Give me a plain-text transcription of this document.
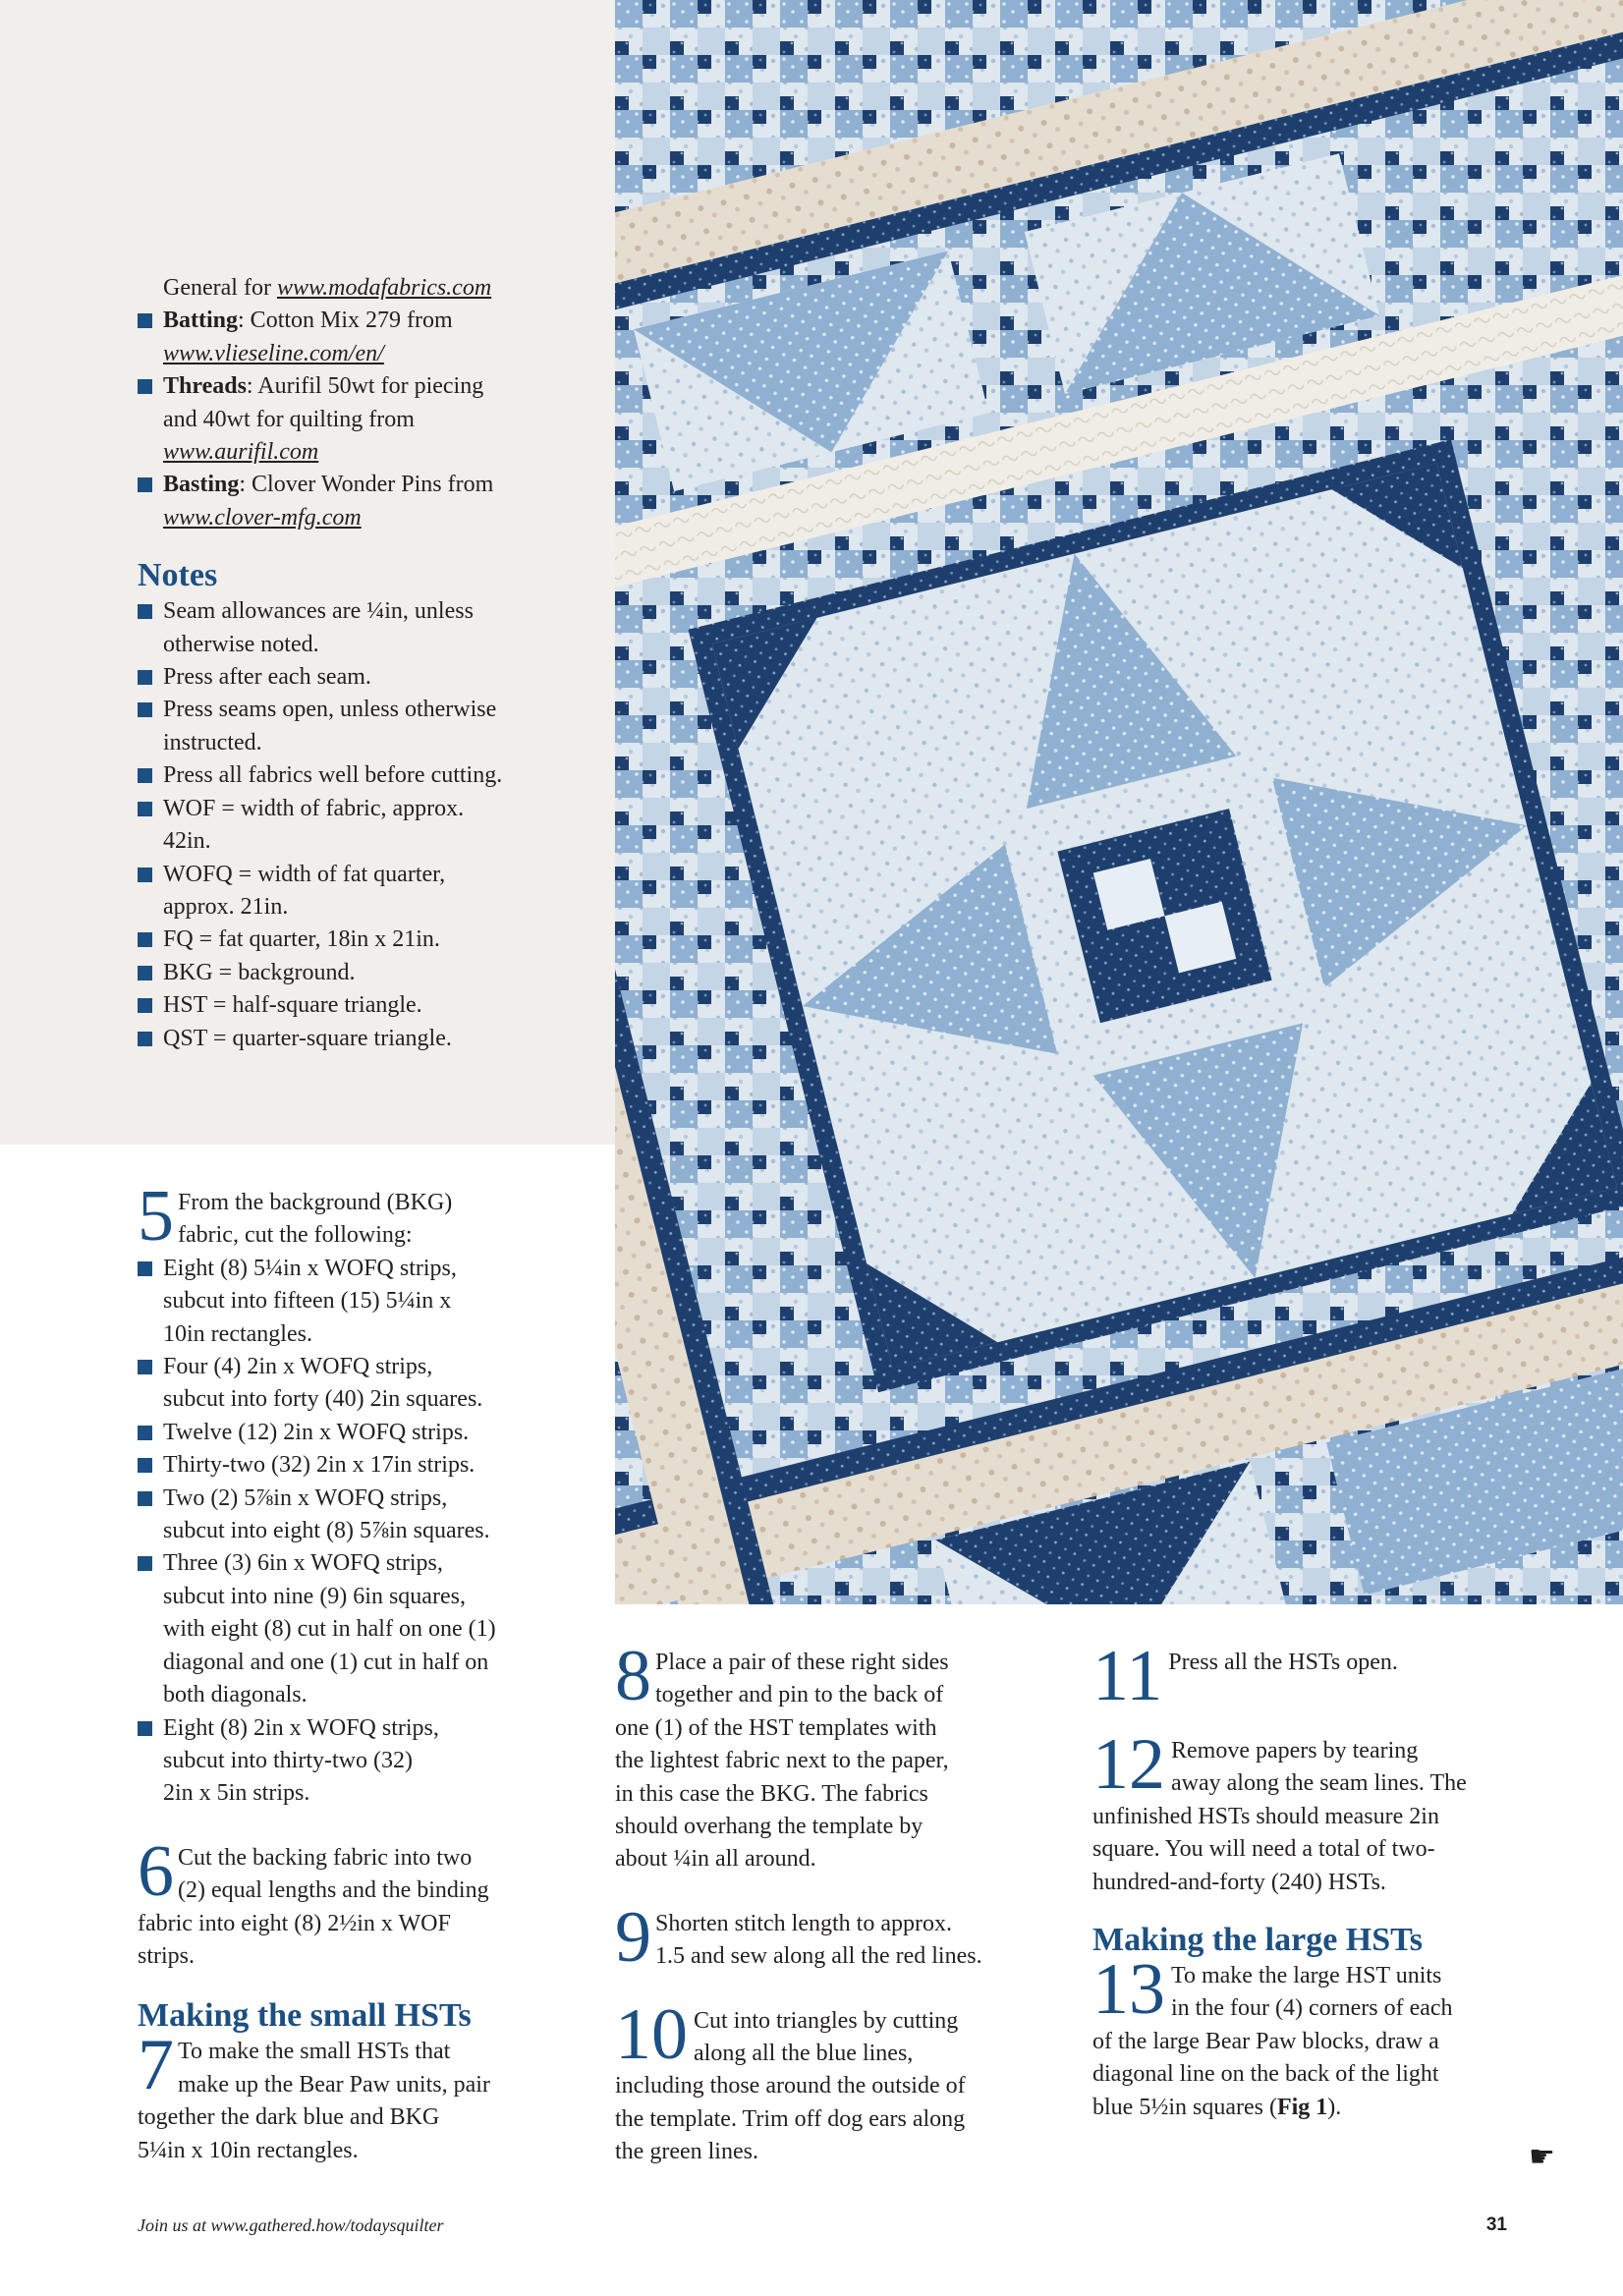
General for www.modafabrics.com

Batting: Cotton Mix 279 from

www.vlieseline.com/en/

Threads: Aurifil 50wt for piecing

and 40wt for quilting from

www.aurifil.com

Basting: Clover Wonder Pins from

www.clover-mfg.com

Notes

Seam allowances are ¼in, unless

otherwise noted.

Press after each seam.

Press seams open, unless otherwise

instructed.

Press all fabrics well before cutting.

WOF = width of fabric, approx.

42in.

WOFQ = width of fat quarter,

approx. 21in.

FQ = fat quarter, 18in x 21in.

BKG = background.

HST = half-square triangle.

QST = quarter-square triangle.

5 From the background (BKG)

fabric, cut the following:

Eight (8) 5¼in x WOFQ strips,

subcut into fifteen (15) 5¼in x

10in rectangles.

Four (4) 2in x WOFQ strips,

subcut into forty (40) 2in squares.

Twelve (12) 2in x WOFQ strips.

Thirty-two (32) 2in x 17in strips.

Two (2) 5⅞in x WOFQ strips,

subcut into eight (8) 5⅞in squares.

Three (3) 6in x WOFQ strips,

subcut into nine (9) 6in squares,

with eight (8) cut in half on one (1)

diagonal and one (1) cut in half on

both diagonals.

Eight (8) 2in x WOFQ strips,

subcut into thirty-two (32)

2in x 5in strips.

6 Cut the backing fabric into two

(2) equal lengths and the binding

fabric into eight (8) 2½in x WOF

strips.

Making the small HSTs
7 To make the small HSTs that

make up the Bear Paw units, pair

together the dark blue and BKG

5¼in x 10in rectangles.

8 Place a pair of these right sides

together and pin to the back of

one (1) of the HST templates with

the lightest fabric next to the paper,

in this case the BKG. The fabrics

should overhang the template by

about ¼in all around.

9 Shorten stitch length to approx.

1.5 and sew along all the red lines.

10 Cut into triangles by cutting

along all the blue lines,

including those around the outside of

the template. Trim off dog ears along

the green lines.

11 Press all the HSTs open.

12 Remove papers by tearing

away along the seam lines. The

unfinished HSTs should measure 2in

square. You will need a total of two-

hundred-and-forty (240) HSTs.

Making the large HSTs
13 To make the large HST units

in the four (4) corners of each

of the large Bear Paw blocks, draw a

diagonal line on the back of the light

blue 5½in squares (Fig 1).

☛
Join us at www.gathered.how/todaysquilter	31
